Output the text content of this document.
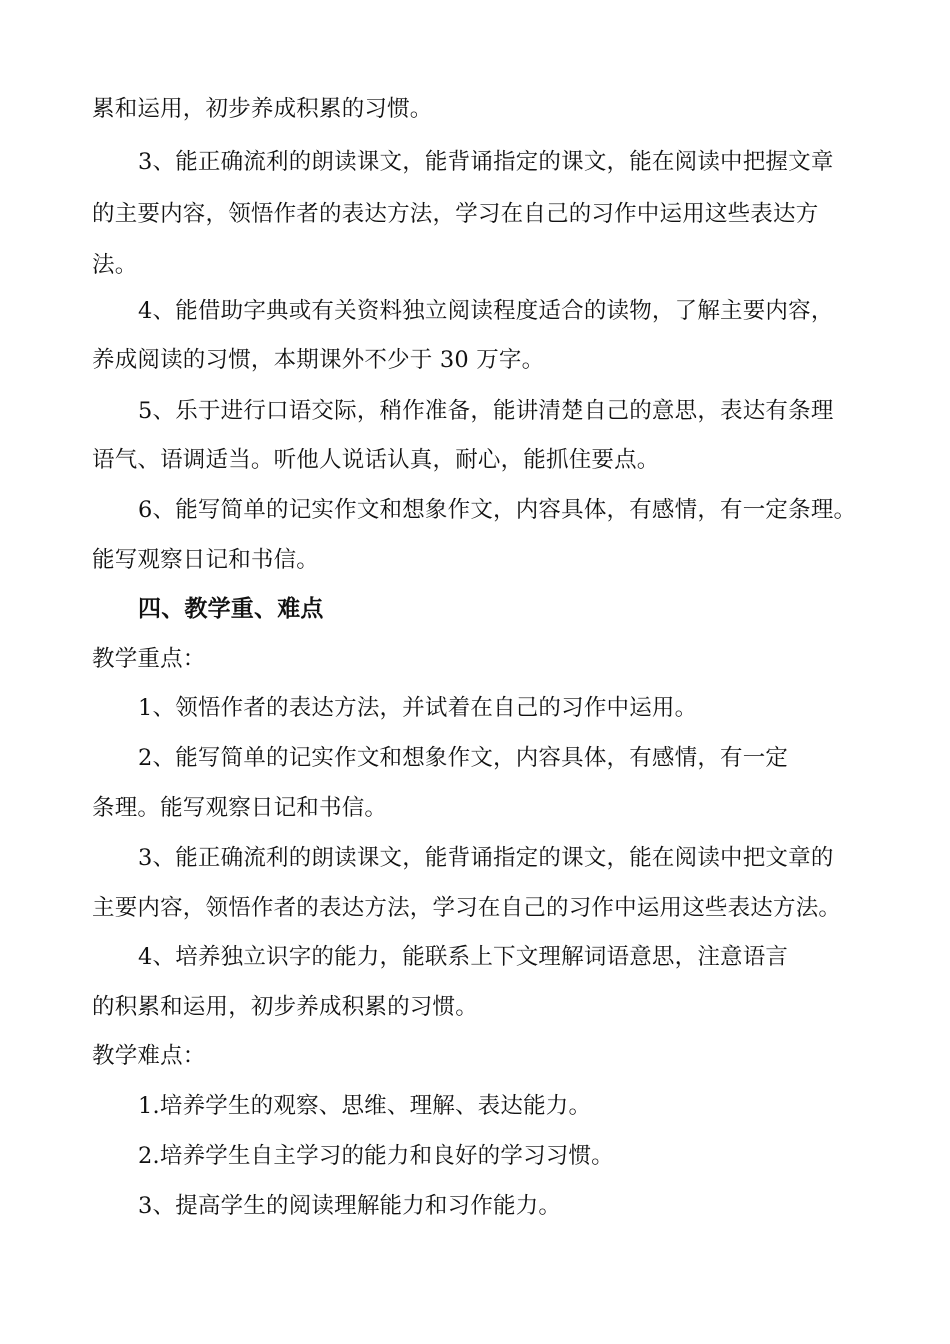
累和运用，初步养成积累的习惯。
3、能正确流利的朗读课文，能背诵指定的课文，能在阅读中把握文章
的主要内容，领悟作者的表达方法，学习在自己的习作中运用这些表达方
法。
4、能借助字典或有关资料独立阅读程度适合的读物，了解主要内容，
养成阅读的习惯，本期课外不少于 30 万字。
5、乐于进行口语交际，稍作准备，能讲清楚自己的意思，表达有条理
语气、语调适当。听他人说话认真，耐心，能抓住要点。
6、能写简单的记实作文和想象作文，内容具体，有感情，有一定条理。
能写观察日记和书信。
四、教学重、难点
教学重点：
1、领悟作者的表达方法，并试着在自己的习作中运用。
2、能写简单的记实作文和想象作文，内容具体，有感情，有一定
条理。能写观察日记和书信。
3、能正确流利的朗读课文，能背诵指定的课文，能在阅读中把文章的
主要内容，领悟作者的表达方法，学习在自己的习作中运用这些表达方法。
4、培养独立识字的能力，能联系上下文理解词语意思，注意语言
的积累和运用，初步养成积累的习惯。
教学难点：
1.培养学生的观察、思维、理解、表达能力。
2.培养学生自主学习的能力和良好的学习习惯。
3、提高学生的阅读理解能力和习作能力。
